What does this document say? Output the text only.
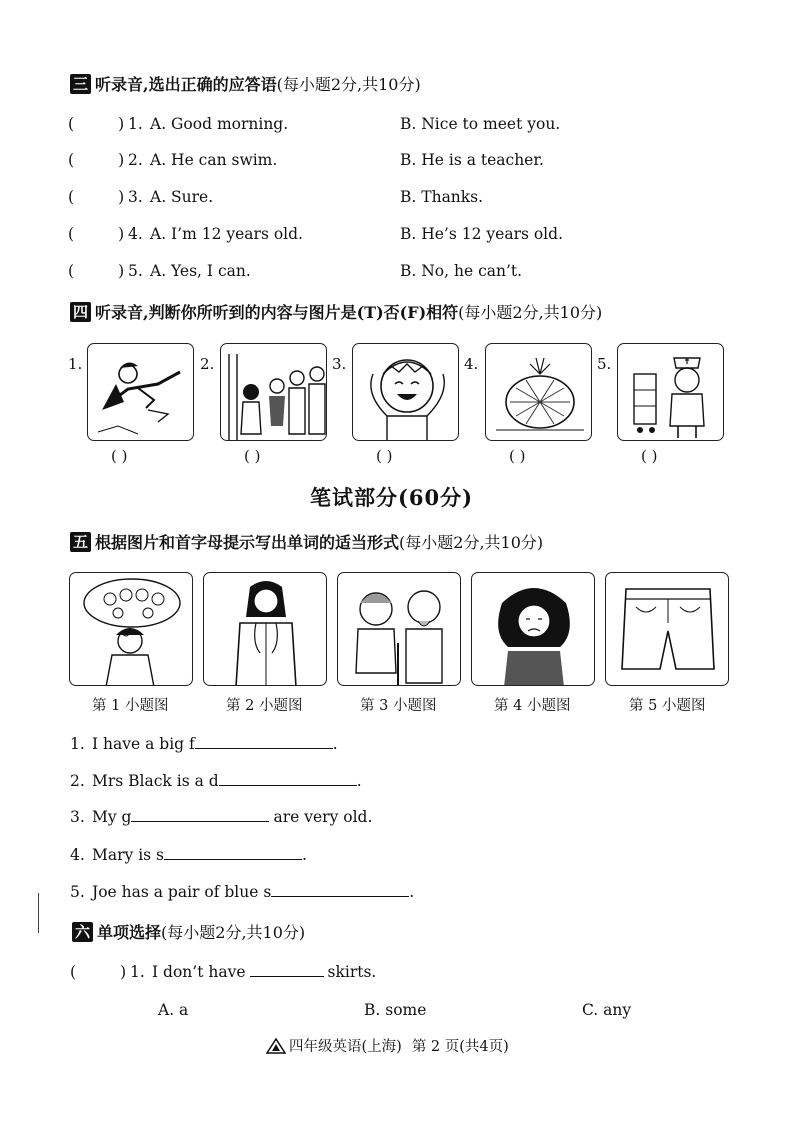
三 听录音,选出正确的应答语 (每小题2分,共10分)
(	) 1. A. Good morning.	B. Nice to meet you.
(	) 2. A. He can swim.	B. He is a teacher.
(	) 3. A. Sure.	B. Thanks.
(	) 4. A. I’m 12 years old.	B. He’s 12 years old.
(	) 5. A. Yes, I can.	B. No, he can’t.
四 听录音,判断你所听到的内容与图片是(T)否(F)相符 (每小题2分,共10分)
1.
( )
2.
( )
3.
( )
4.
( )
5.
( )
笔试部分(60分)
五 根据图片和首字母提示写出单词的适当形式 (每小题2分,共10分)
第 1 小题图	第 2 小题图	第 3 小题图	第 4 小题图	第 5 小题图
1. I have a big f	.
2. Mrs Black is a d	.
3. My g	are very old.
4. Mary is s	.
5. Joe has a pair of blue s	.
六 单项选择 (每小题2分,共10分)
(	) 1. I don’t have	skirts.
A. a	B. some	C. any
四年级英语(上海) 第 2 页(共4页)
